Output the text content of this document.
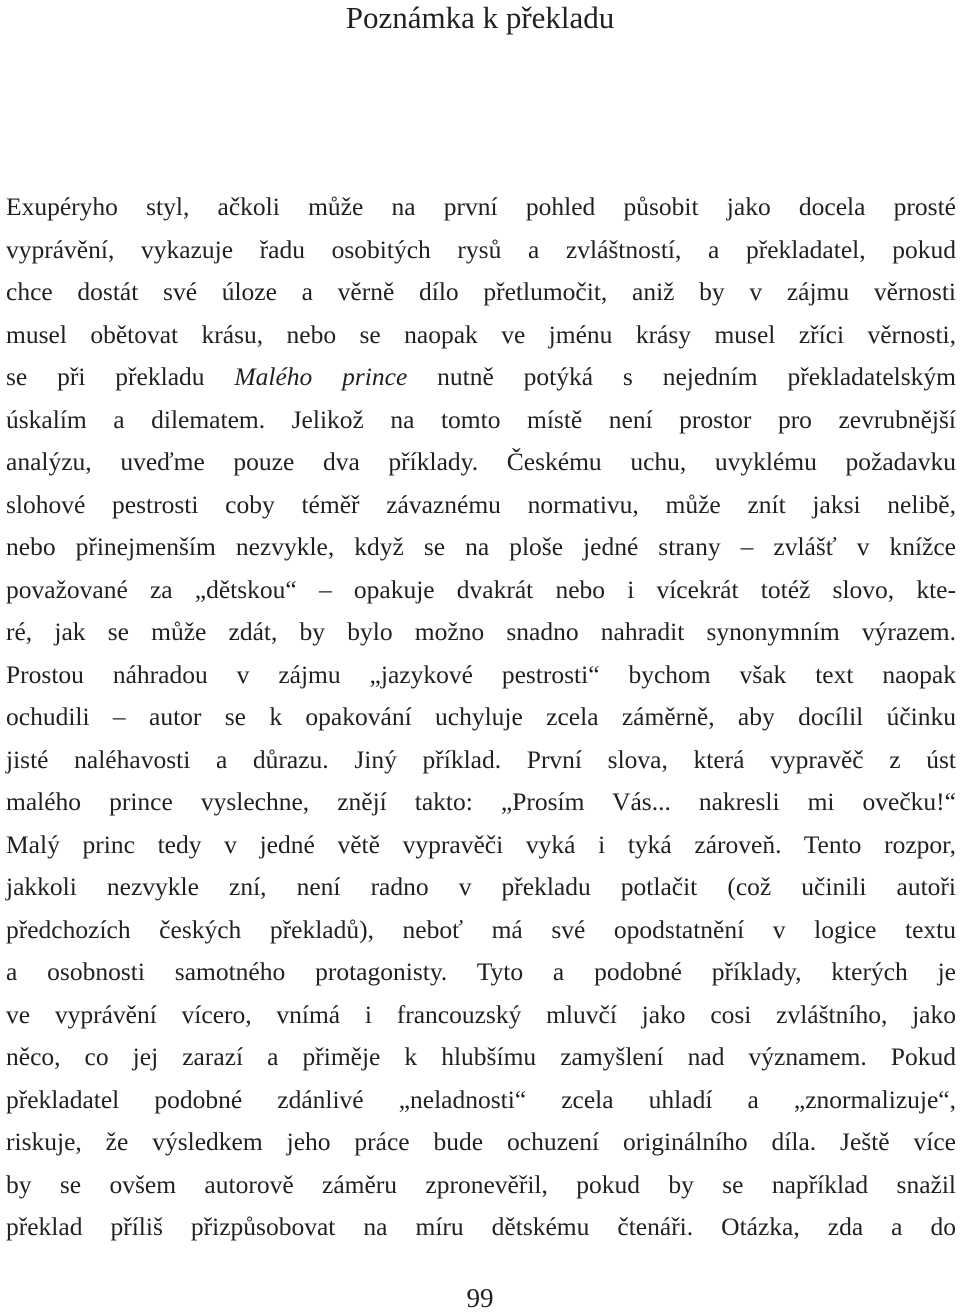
Poznámka k překladu
Exupéryho styl, ačkoli může na první pohled působit jako docela prosté
vyprávění, vykazuje řadu osobitých rysů a zvláštností, a překladatel, pokud
chce dostát své úloze a věrně dílo přetlumočit, aniž by v zájmu věrnosti
musel obětovat krásu, nebo se naopak ve jménu krásy musel zříci věrnosti,
se při překladu Malého prince nutně potýká s nejedním překladatelským
úskalím a dilematem. Jelikož na tomto místě není prostor pro zevrubnější
analýzu, uveďme pouze dva příklady. Českému uchu, uvyklému požadavku
slohové pestrosti coby téměř závaznému normativu, může znít jaksi nelibě,
nebo přinejmenším nezvykle, když se na ploše jedné strany – zvlášť v knížce
považované za „dětskou“ – opakuje dvakrát nebo i vícekrát totéž slovo, kte-
ré, jak se může zdát, by bylo možno snadno nahradit synonymním výrazem.
Prostou náhradou v zájmu „jazykové pestrosti“ bychom však text naopak
ochudili – autor se k opakování uchyluje zcela záměrně, aby docílil účinku
jisté naléhavosti a důrazu. Jiný příklad. První slova, která vypravěč z úst
malého prince vyslechne, znějí takto: „Prosím Vás... nakresli mi ovečku!“
Malý princ tedy v jedné větě vypravěči vyká i tyká zároveň. Tento rozpor,
jakkoli nezvykle zní, není radno v překladu potlačit (což učinili autoři
předchozích českých překladů), neboť má své opodstatnění v logice textu
a osobnosti samotného protagonisty. Tyto a podobné příklady, kterých je
ve vyprávění vícero, vnímá i francouzský mluvčí jako cosi zvláštního, jako
něco, co jej zarazí a přiměje k hlubšímu zamyšlení nad významem. Pokud
překladatel podobné zdánlivé „neladnosti“ zcela uhladí a „znormalizuje“,
riskuje, že výsledkem jeho práce bude ochuzení originálního díla. Ještě více
by se ovšem autorově záměru zpronevěřil, pokud by se například snažil
překlad příliš přizpůsobovat na míru dětskému čtenáři. Otázka, zda a do
99
